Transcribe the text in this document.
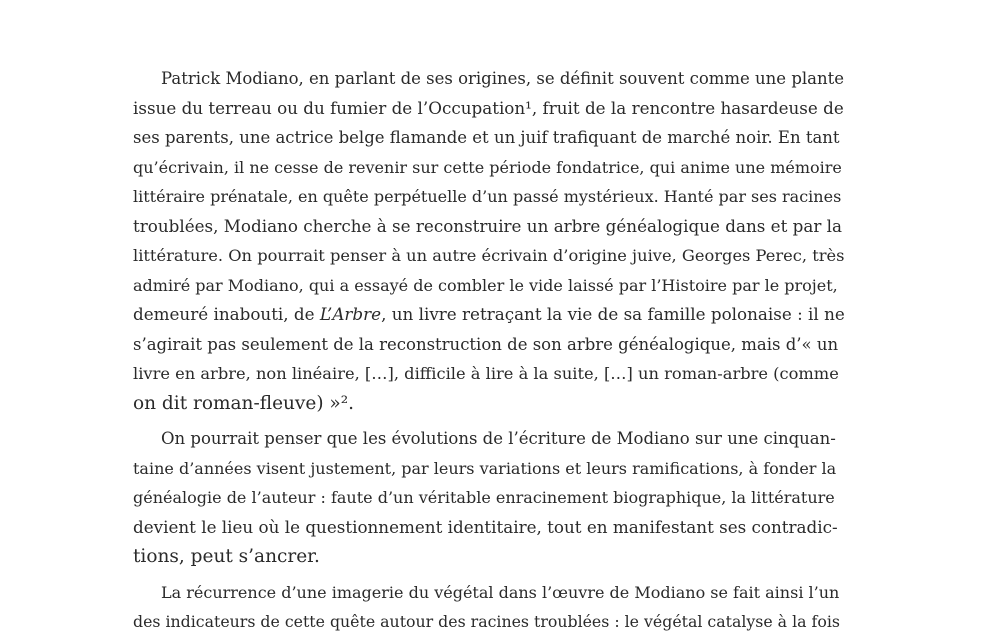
Patrick Modiano, en parlant de ses origines, se définit souvent comme une plante
issue du terreau ou du fumier de l’Occupation¹, fruit de la rencontre hasardeuse de
ses parents, une actrice belge flamande et un juif trafiquant de marché noir. En tant
qu’écrivain, il ne cesse de revenir sur cette période fondatrice, qui anime une mémoire
littéraire prénatale, en quête perpétuelle d’un passé mystérieux. Hanté par ses racines
troublées, Modiano cherche à se reconstruire un arbre généalogique dans et par la
littérature. On pourrait penser à un autre écrivain d’origine juive, Georges Perec, très
admiré par Modiano, qui a essayé de combler le vide laissé par l’Histoire par le projet,
demeuré inabouti, de L’Arbre, un livre retraçant la vie de sa famille polonaise : il ne
s’agirait pas seulement de la reconstruction de son arbre généalogique, mais d’« un
livre en arbre, non linéaire, […], difficile à lire à la suite, […] un roman-arbre (comme
on dit roman-fleuve) »².
On pourrait penser que les évolutions de l’écriture de Modiano sur une cinquan-
taine d’années visent justement, par leurs variations et leurs ramifications, à fonder la
généalogie de l’auteur : faute d’un véritable enracinement biographique, la littérature
devient le lieu où le questionnement identitaire, tout en manifestant ses contradic-
tions, peut s’ancrer.
La récurrence d’une imagerie du végétal dans l’œuvre de Modiano se fait ainsi l’un
des indicateurs de cette quête autour des racines troublées : le végétal catalyse à la fois
